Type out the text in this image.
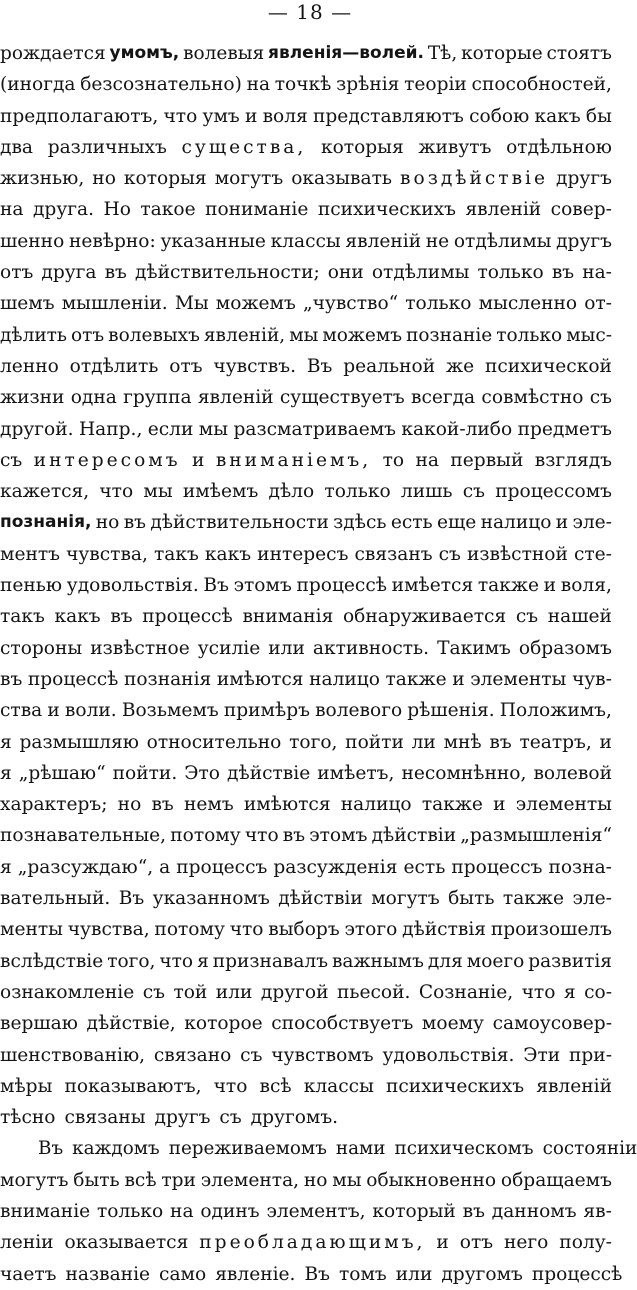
— 18 —
рождается умомъ, волевыя явленія—волей. Тѣ, которые стоятъ
(иногда безсознательно) на точкѣ зрѣнія теоріи способностей,
предполагаютъ, что умъ и воля представляютъ собою какъ бы
два различныхъ существа, которыя живутъ отдѣльною
жизнью, но которыя могутъ оказывать воздѣйствіе другъ
на друга. Но такое пониманіе психическихъ явленій совер-
шенно невѣрно: указанные классы явленій не отдѣлимы другъ
отъ друга въ дѣйствительности; они отдѣлимы только въ на-
шемъ мышленіи. Мы можемъ „чувство“ только мысленно от-
дѣлить отъ волевыхъ явленій, мы можемъ познаніе только мыс-
ленно отдѣлить отъ чувствъ. Въ реальной же психической
жизни одна группа явленій существуетъ всегда совмѣстно съ
другой. Напр., если мы разсматриваемъ какой-либо предметъ
съ интересомъ и вниманіемъ, то на первый взглядъ
кажется, что мы имѣемъ дѣло только лишь съ процессомъ
познанія, но въ дѣйствительности здѣсь есть еще налицо и эле-
ментъ чувства, такъ какъ интересъ связанъ съ извѣстной сте-
пенью удовольствія. Въ этомъ процессѣ имѣется также и воля,
такъ какъ въ процессѣ вниманія обнаруживается съ нашей
стороны извѣстное усиліе или активность. Такимъ образомъ
въ процессѣ познанія имѣются налицо также и элементы чув-
ства и воли. Возьмемъ примѣръ волевого рѣшенія. Положимъ,
я размышляю относительно того, пойти ли мнѣ въ театръ, и
я „рѣшаю“ пойти. Это дѣйствіе имѣетъ, несомнѣнно, волевой
характеръ; но въ немъ имѣются налицо также и элементы
познавательные, потому что въ этомъ дѣйствіи „размышленія“
я „разсуждаю“, а процессъ разсужденія есть процессъ позна-
вательный. Въ указанномъ дѣйствіи могутъ быть также эле-
менты чувства, потому что выборъ этого дѣйствія произошелъ
вслѣдствіе того, что я признавалъ важнымъ для моего развитія
ознакомленіе съ той или другой пьесой. Сознаніе, что я со-
вершаю дѣйствіе, которое способствуетъ моему самоусовер-
шенствованію, связано съ чувствомъ удовольствія. Эти при-
мѣры показываютъ, что всѣ классы психическихъ явленій
тѣсно связаны другъ съ другомъ.
Въ каждомъ переживаемомъ нами психическомъ состояніи
могутъ быть всѣ три элемента, но мы обыкновенно обращаемъ
вниманіе только на одинъ элементъ, который въ данномъ яв-
леніи оказывается преобладающимъ, и отъ него полу-
чаетъ названіе само явленіе. Въ томъ или другомъ процессѣ
